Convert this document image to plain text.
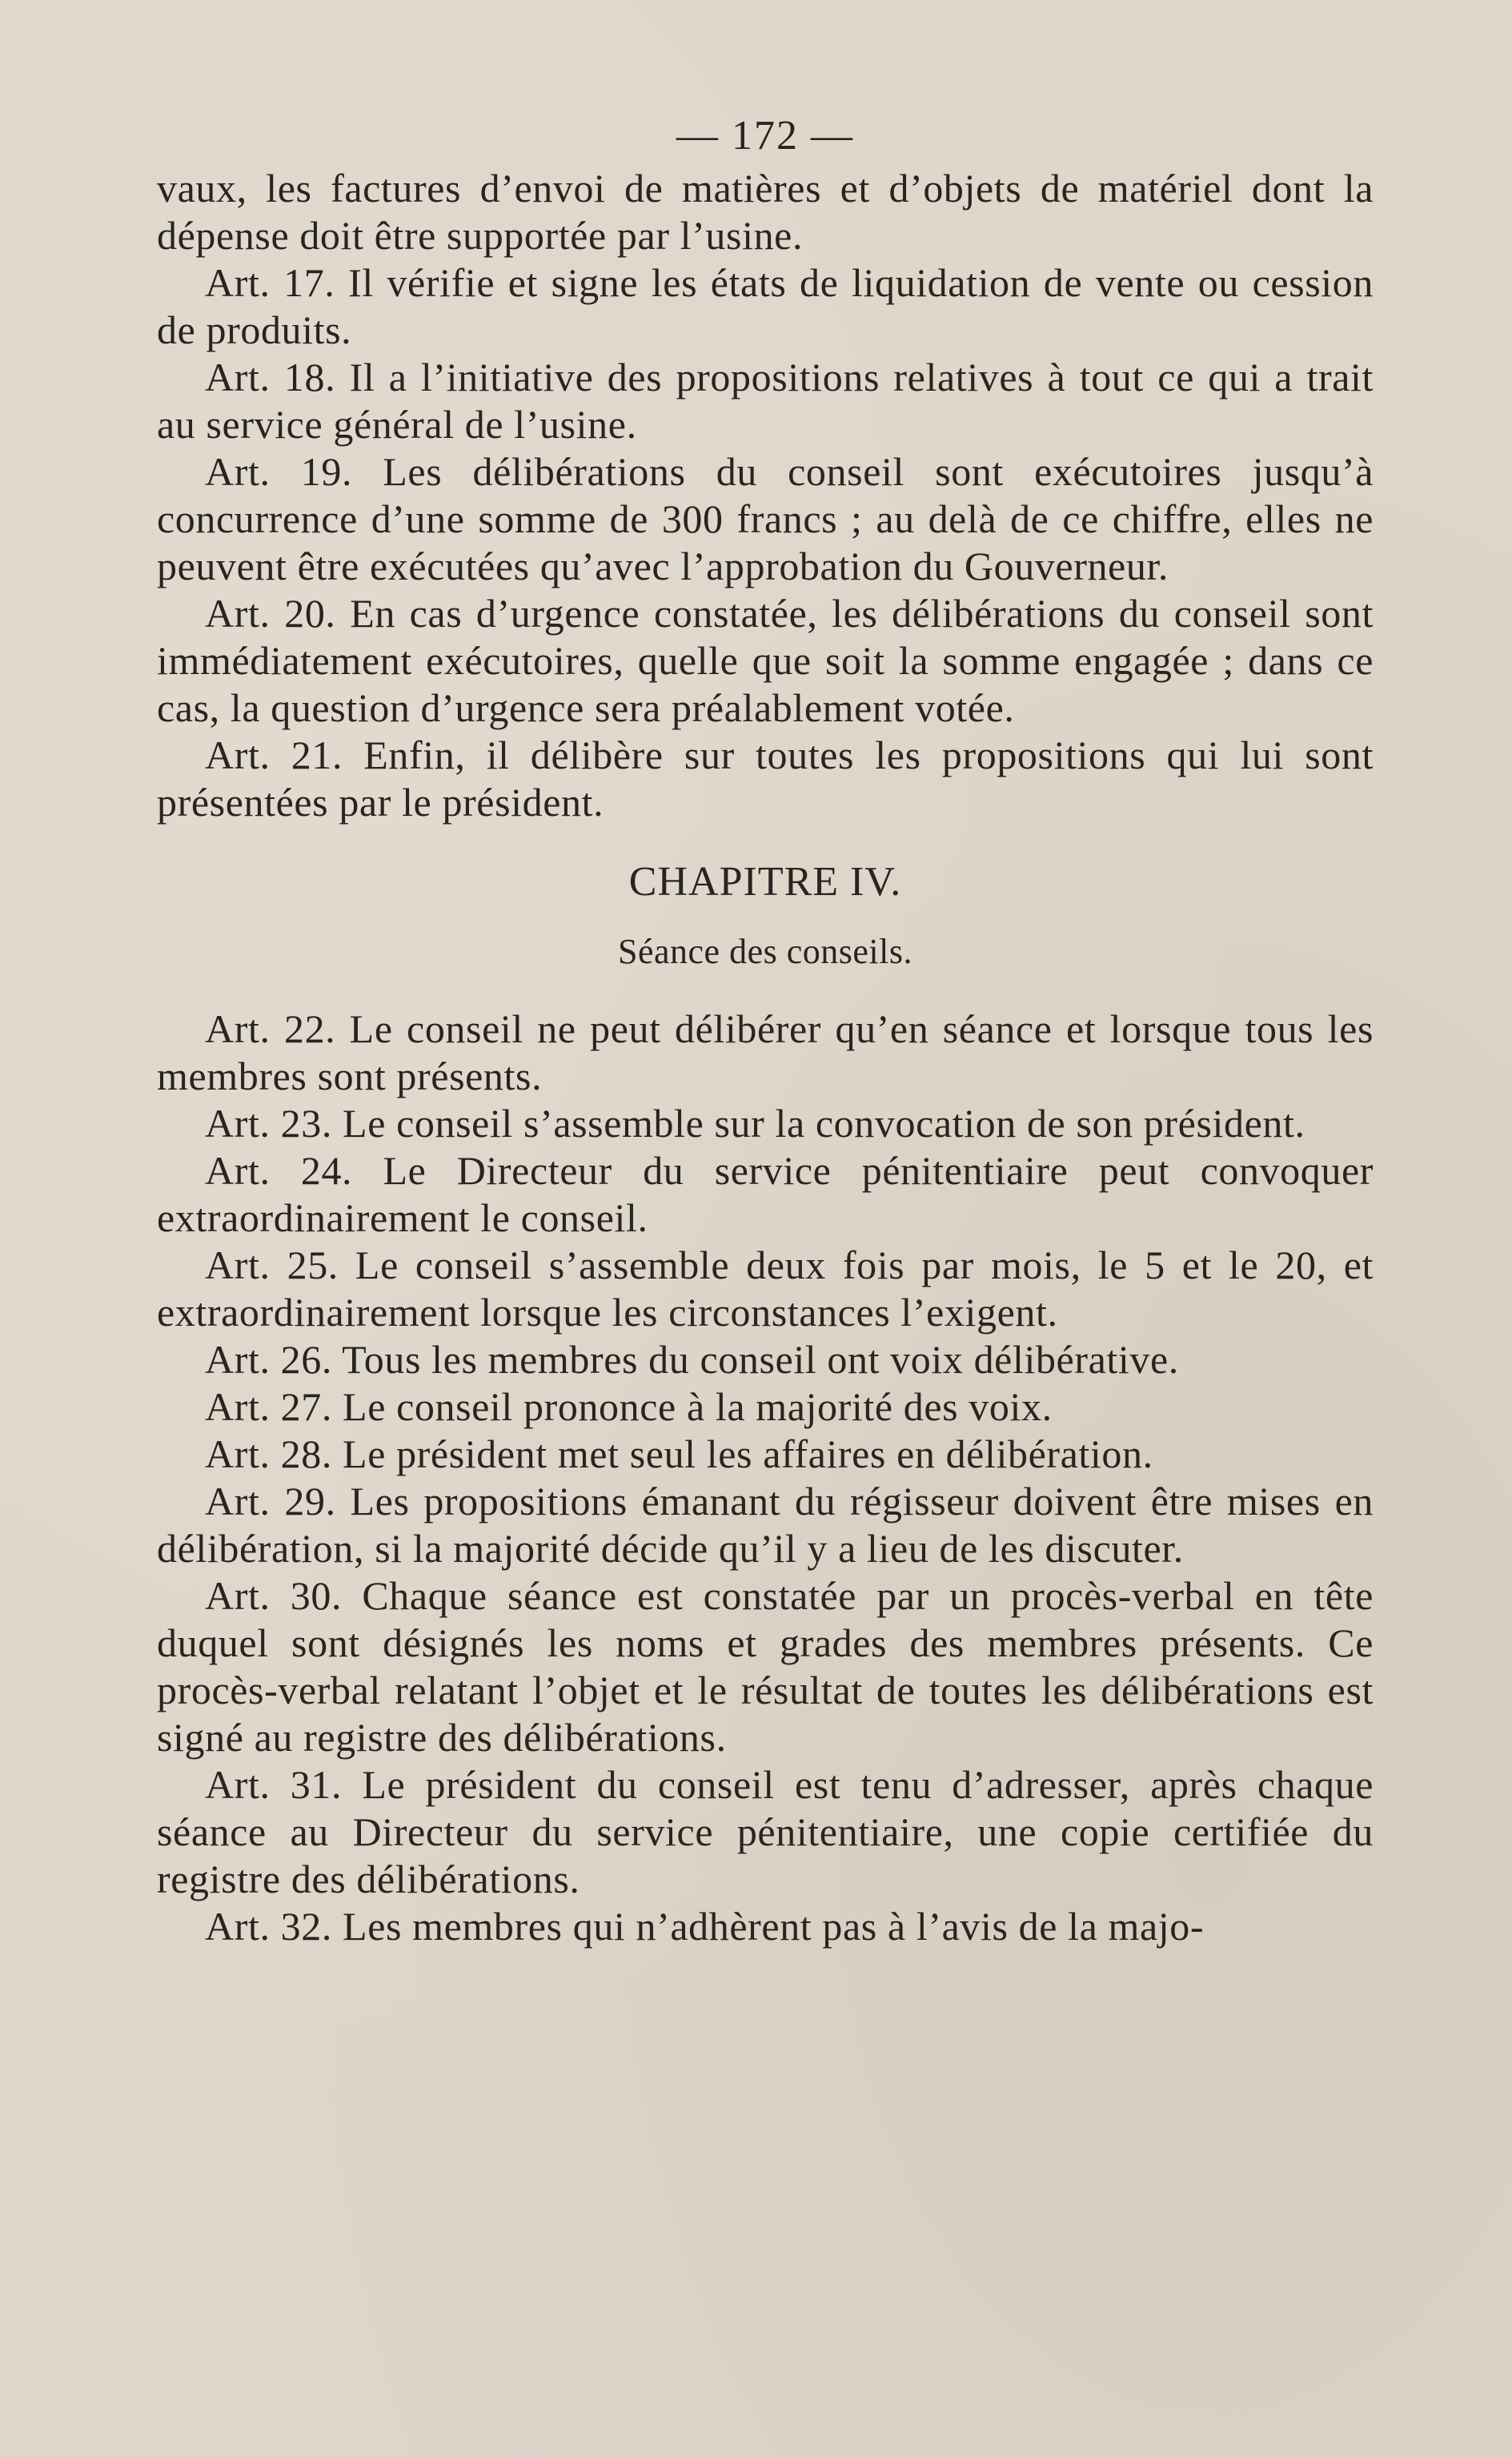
— 172 —

vaux, les factures d’envoi de matières et d’objets de matériel dont la dépense doit être supportée par l’usine.

Art. 17. Il vérifie et signe les états de liquidation de vente ou cession de produits.

Art. 18. Il a l’initiative des propositions relatives à tout ce qui a trait au service général de l’usine.

Art. 19. Les délibérations du conseil sont exécutoires jusqu’à concurrence d’une somme de 300 francs ; au delà de ce chiffre, elles ne peuvent être exécutées qu’avec l’approbation du Gouverneur.

Art. 20. En cas d’urgence constatée, les délibérations du conseil sont immédiatement exécutoires, quelle que soit la somme engagée ; dans ce cas, la question d’urgence sera préalablement votée.

Art. 21. Enfin, il délibère sur toutes les propositions qui lui sont présentées par le président.

CHAPITRE IV.
Séance des conseils.

Art. 22. Le conseil ne peut délibérer qu’en séance et lorsque tous les membres sont présents.

Art. 23. Le conseil s’assemble sur la convocation de son président.

Art. 24. Le Directeur du service pénitentiaire peut convoquer extraordinairement le conseil.

Art. 25. Le conseil s’assemble deux fois par mois, le 5 et le 20, et extraordinairement lorsque les circonstances l’exigent.

Art. 26. Tous les membres du conseil ont voix délibérative.

Art. 27. Le conseil prononce à la majorité des voix.

Art. 28. Le président met seul les affaires en délibération.

Art. 29. Les propositions émanant du régisseur doivent être mises en délibération, si la majorité décide qu’il y a lieu de les discuter.

Art. 30. Chaque séance est constatée par un procès-verbal en tête duquel sont désignés les noms et grades des membres présents. Ce procès-verbal relatant l’objet et le résultat de toutes les délibérations est signé au registre des délibérations.

Art. 31. Le président du conseil est tenu d’adresser, après chaque séance au Directeur du service pénitentiaire, une copie certifiée du registre des délibérations.

Art. 32. Les membres qui n’adhèrent pas à l’avis de la majo-
